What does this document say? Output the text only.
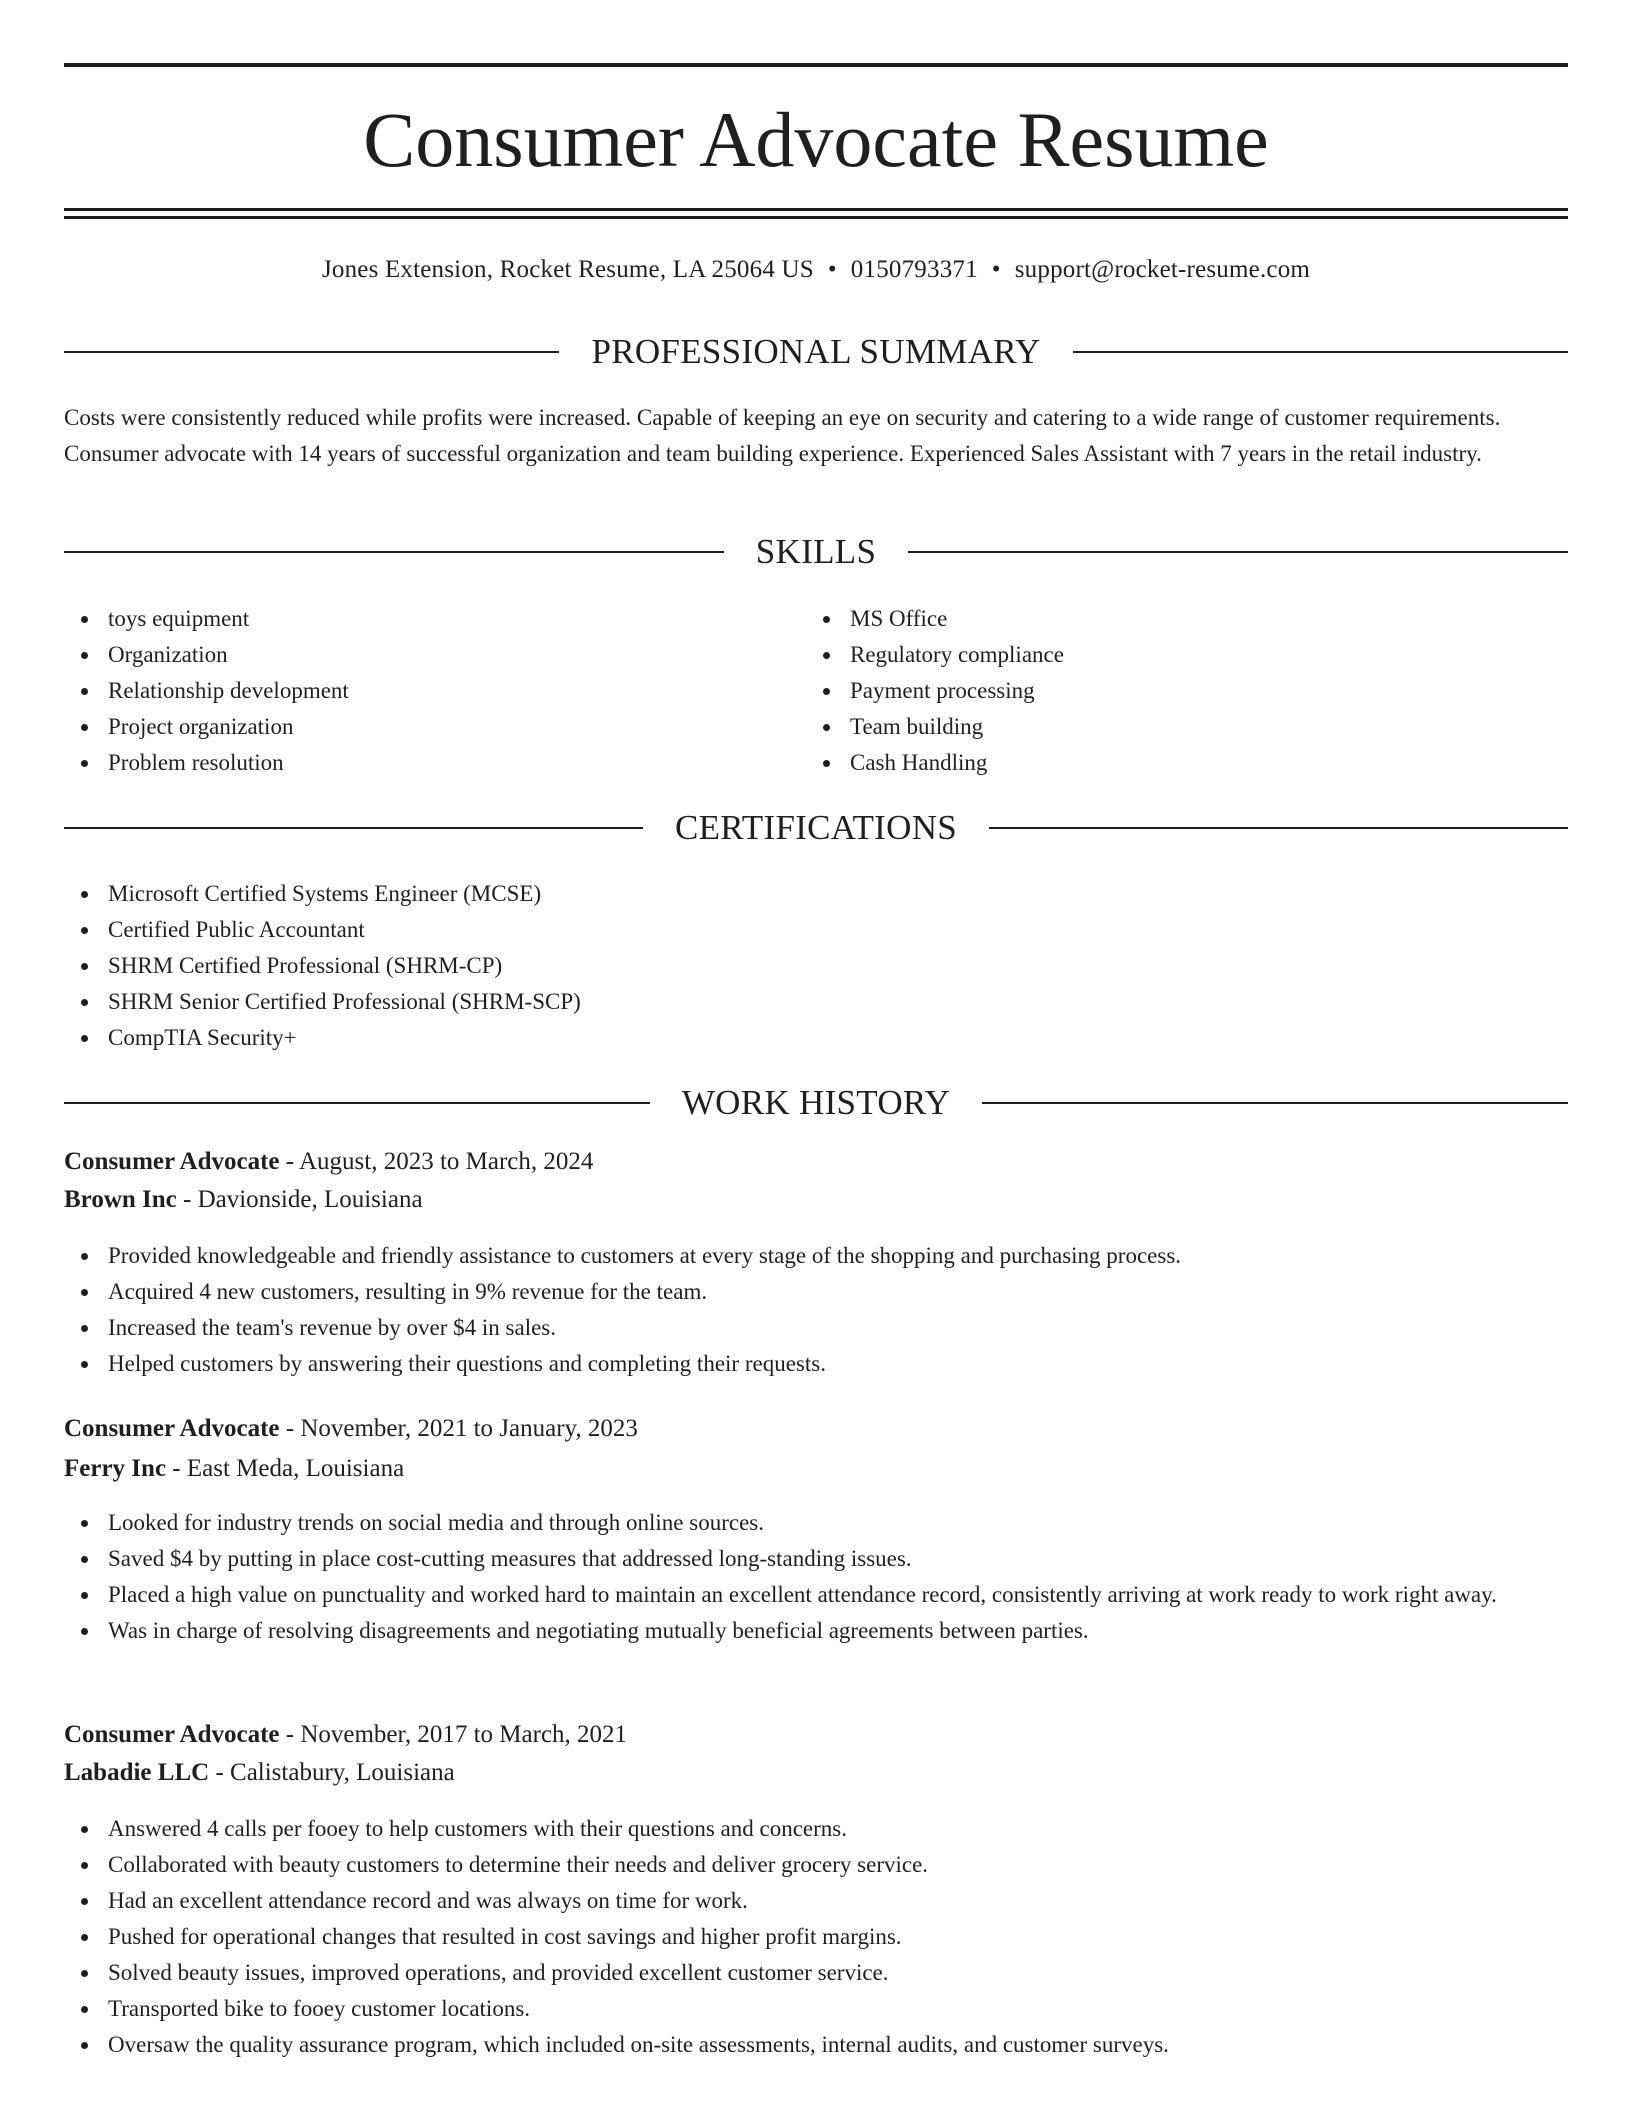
Consumer Advocate Resume
Jones Extension, Rocket Resume, LA 25064 US • 0150793371 • support@rocket-resume.com
PROFESSIONAL SUMMARY

Costs were consistently reduced while profits were increased. Capable of keeping an eye on security and catering to a wide range of customer requirements. Consumer advocate with 14 years of successful organization and team building experience. Experienced Sales Assistant with 7 years in the retail industry.

SKILLS
toys equipment
Organization
Relationship development
Project organization
Problem resolution
MS Office
Regulatory compliance
Payment processing
Team building
Cash Handling
CERTIFICATIONS
Microsoft Certified Systems Engineer (MCSE)
Certified Public Accountant
SHRM Certified Professional (SHRM-CP)
SHRM Senior Certified Professional (SHRM-SCP)
CompTIA Security+
WORK HISTORY
Consumer Advocate - August, 2023 to March, 2024
Brown Inc - Davionside, Louisiana
Provided knowledgeable and friendly assistance to customers at every stage of the shopping and purchasing process.
Acquired 4 new customers, resulting in 9% revenue for the team.
Increased the team's revenue by over $4 in sales.
Helped customers by answering their questions and completing their requests.
Consumer Advocate - November, 2021 to January, 2023
Ferry Inc - East Meda, Louisiana
Looked for industry trends on social media and through online sources.
Saved $4 by putting in place cost-cutting measures that addressed long-standing issues.
Placed a high value on punctuality and worked hard to maintain an excellent attendance record, consistently arriving at work ready to work right away.
Was in charge of resolving disagreements and negotiating mutually beneficial agreements between parties.
Consumer Advocate - November, 2017 to March, 2021
Labadie LLC - Calistabury, Louisiana
Answered 4 calls per fooey to help customers with their questions and concerns.
Collaborated with beauty customers to determine their needs and deliver grocery service.
Had an excellent attendance record and was always on time for work.
Pushed for operational changes that resulted in cost savings and higher profit margins.
Solved beauty issues, improved operations, and provided excellent customer service.
Transported bike to fooey customer locations.
Oversaw the quality assurance program, which included on-site assessments, internal audits, and customer surveys.
